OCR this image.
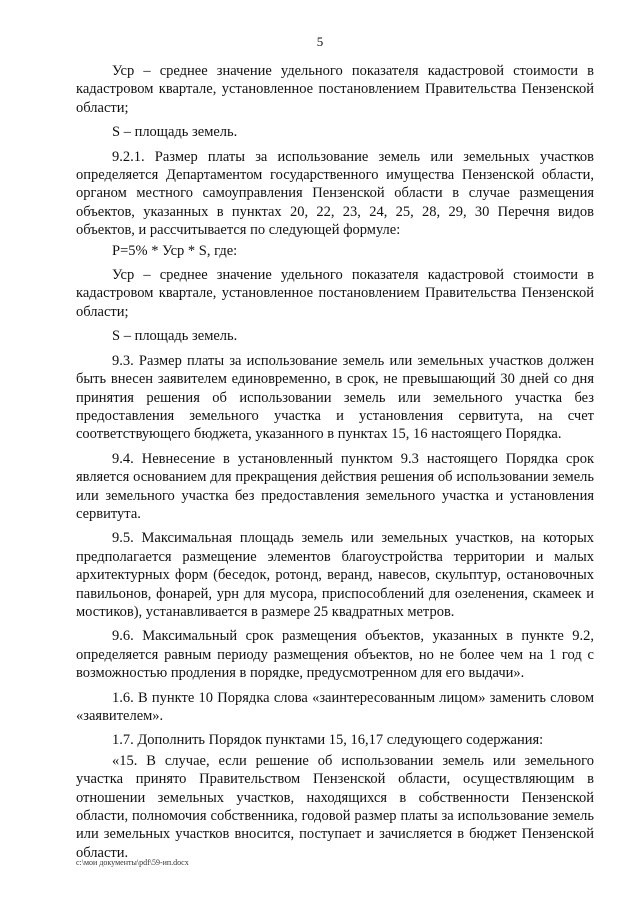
5

Уср – среднее значение удельного показателя кадастровой стоимости в кадастровом квартале, установленное постановлением Правительства Пензенской области;

S – площадь земель.

9.2.1. Размер платы за использование земель или земельных участков определяется Департаментом государственного имущества Пензенской области, органом местного самоуправления Пензенской области в случае размещения объектов, указанных в пунктах 20, 22, 23, 24, 25, 28, 29, 30 Перечня видов объектов, и рассчитывается по следующей формуле:

P=5% * Уср * S, где:

Уср – среднее значение удельного показателя кадастровой стоимости в кадастровом квартале, установленное постановлением Правительства Пензенской области;

S – площадь земель.

9.3. Размер платы за использование земель или земельных участков должен быть внесен заявителем единовременно, в срок, не превышающий 30 дней со дня принятия решения об использовании земель или земельного участка без предоставления земельного участка и установления сервитута, на счет соответствующего бюджета, указанного в пунктах 15, 16 настоящего Порядка.

9.4. Невнесение в установленный пунктом 9.3 настоящего Порядка срок является основанием для прекращения действия решения об использовании земель или земельного участка без предоставления земельного участка и установления сервитута.

9.5. Максимальная площадь земель или земельных участков, на которых предполагается размещение элементов благоустройства территории и малых архитектурных форм (беседок, ротонд, веранд, навесов, скульптур, остановочных павильонов, фонарей, урн для мусора, приспособлений для озеленения, скамеек и мостиков), устанавливается в размере 25 квадратных метров.

9.6. Максимальный срок размещения объектов, указанных в пункте 9.2, определяется равным периоду размещения объектов, но не более чем на 1 год с возможностью продления в порядке, предусмотренном для его выдачи».

1.6. В пункте 10 Порядка слова «заинтересованным лицом» заменить словом «заявителем».

1.7. Дополнить Порядок пунктами 15, 16,17 следующего содержания:

«15. В случае, если решение об использовании земель или земельного участка принято Правительством Пензенской области, осуществляющим в отношении земельных участков, находящихся в собственности Пензенской области, полномочия собственника, годовой размер платы за использование земель или земельных участков вносится, поступает и зачисляется в бюджет Пензенской области.

c:\мои документы\pdf\59-ип.docx
